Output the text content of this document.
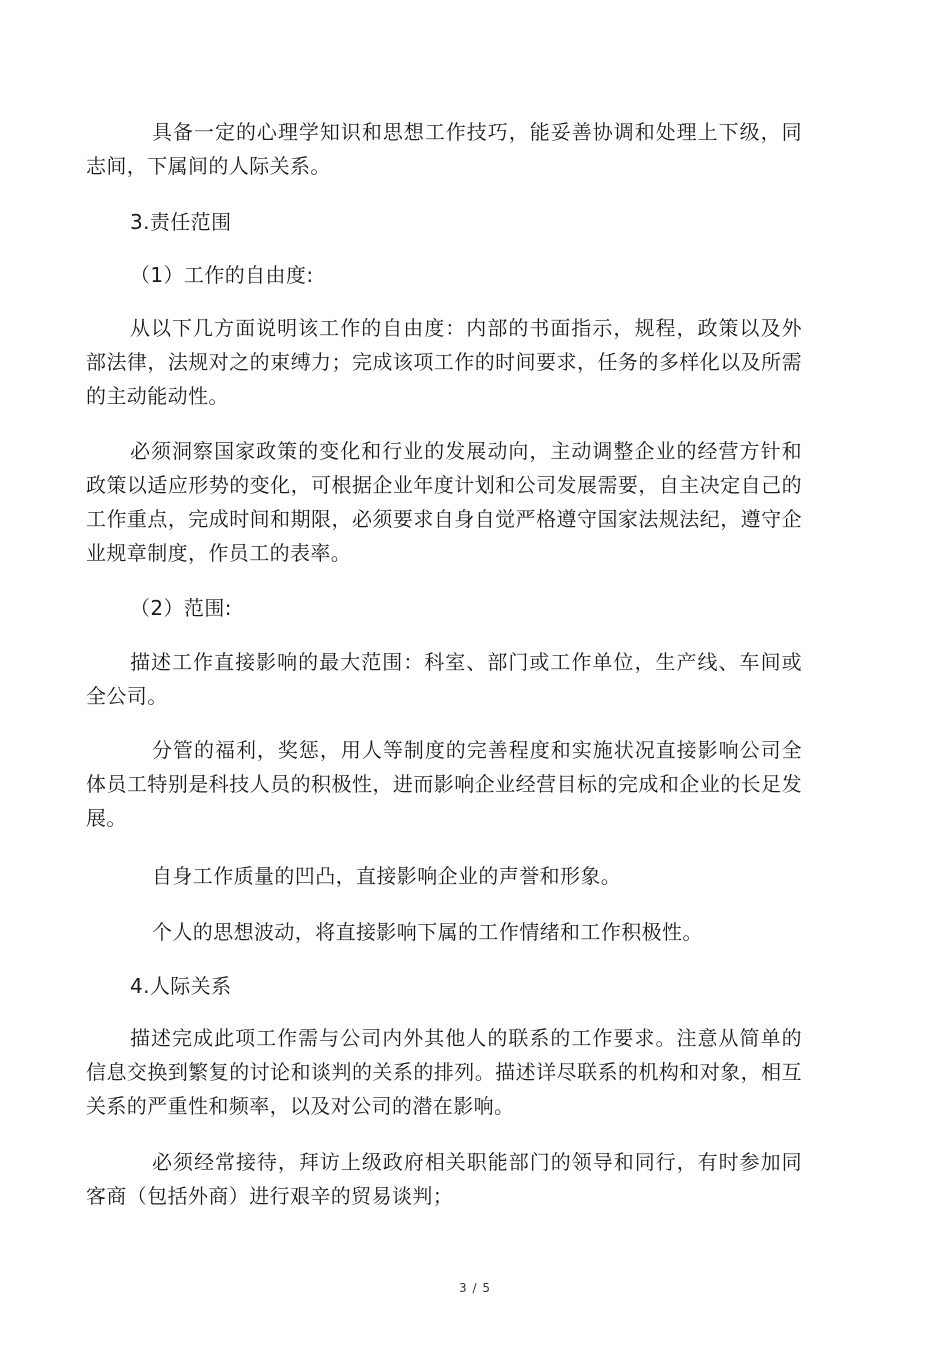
具备一定的心理学知识和思想工作技巧，能妥善协调和处理上下级，同志间，下属间的人际关系。

3.责任范围

（1）工作的自由度:

从以下几方面说明该工作的自由度：内部的书面指示，规程，政策以及外部法律，法规对之的束缚力；完成该项工作的时间要求，任务的多样化以及所需的主动能动性。

必须洞察国家政策的变化和行业的发展动向，主动调整企业的经营方针和政策以适应形势的变化，可根据企业年度计划和公司发展需要，自主决定自己的工作重点，完成时间和期限，必须要求自身自觉严格遵守国家法规法纪，遵守企业规章制度，作员工的表率。

（2）范围:

描述工作直接影响的最大范围：科室、部门或工作单位，生产线、车间或全公司。

分管的福利，奖惩，用人等制度的完善程度和实施状况直接影响公司全体员工特别是科技人员的积极性，进而影响企业经营目标的完成和企业的长足发展。

自身工作质量的凹凸，直接影响企业的声誉和形象。

个人的思想波动，将直接影响下属的工作情绪和工作积极性。

4.人际关系

描述完成此项工作需与公司内外其他人的联系的工作要求。注意从简单的信息交换到繁复的讨论和谈判的关系的排列。描述详尽联系的机构和对象，相互关系的严重性和频率，以及对公司的潜在影响。

必须经常接待，拜访上级政府相关职能部门的领导和同行，有时参加同客商（包括外商）进行艰辛的贸易谈判；

3 / 5
